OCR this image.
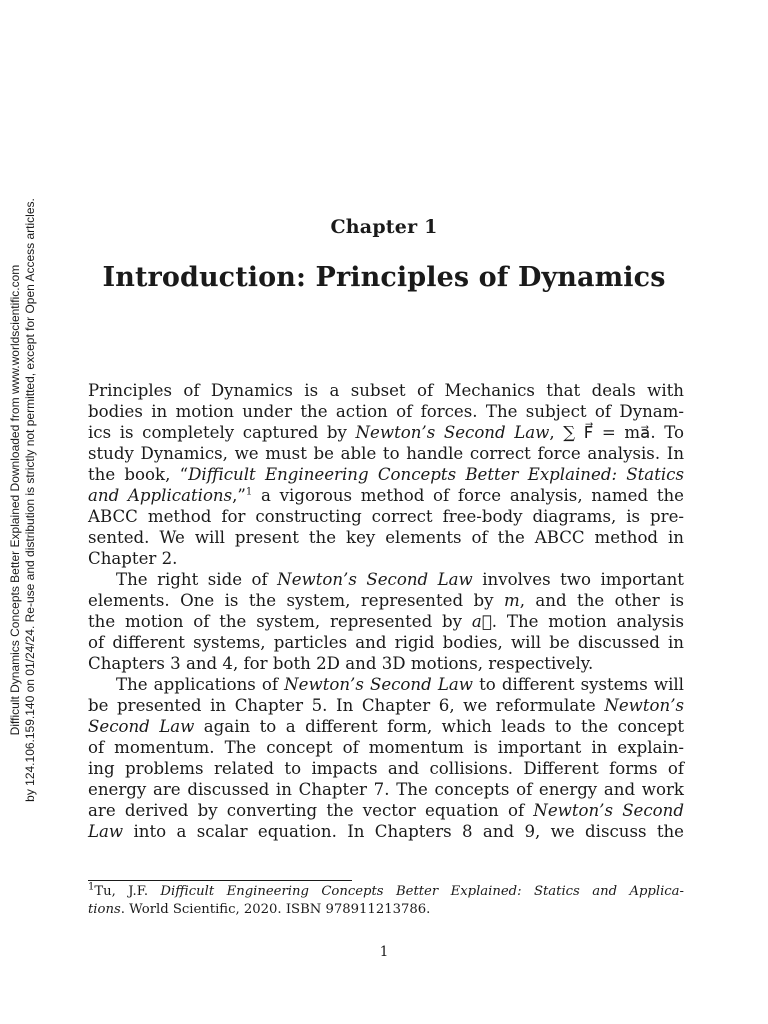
Difficult Dynamics Concepts Better Explained Downloaded from www.worldscientific.com by 124.106.159.140 on 01/24/24. Re-use and distribution is strictly not permitted, except for Open Access articles.	Chapter 1
Introduction: Principles of Dynamics
Principles of Dynamics is a subset of Mechanics that deals with
bodies in motion under the action of forces. The subject of Dynam-
ics is completely captured by Newton’s Second Law, ∑ F⃗ = ma⃗. To
study Dynamics, we must be able to handle correct force analysis. In
the book, “Difficult Engineering Concepts Better Explained: Statics
and Applications,”$^1$ a vigorous method of force analysis, named the
ABCC method for constructing correct free-body diagrams, is pre-
sented. We will present the key elements of the ABCC method in
Chapter 2.
The right side of Newton’s Second Law involves two important
elements. One is the system, represented by m, and the other is
the motion of the system, represented by a⃗. The motion analysis
of different systems, particles and rigid bodies, will be discussed in
Chapters 3 and 4, for both 2D and 3D motions, respectively.
The applications of Newton’s Second Law to different systems will
be presented in Chapter 5. In Chapter 6, we reformulate Newton’s
Second Law again to a different form, which leads to the concept
of momentum. The concept of momentum is important in explain-
ing problems related to impacts and collisions. Different forms of
energy are discussed in Chapter 7. The concepts of energy and work
are derived by converting the vector equation of Newton’s Second
Law into a scalar equation. In Chapters 8 and 9, we discuss the
$^1$Tu, J.F. Difficult Engineering Concepts Better Explained: Statics and Applica-
tions. World Scientific, 2020. ISBN 978911213786.
1
